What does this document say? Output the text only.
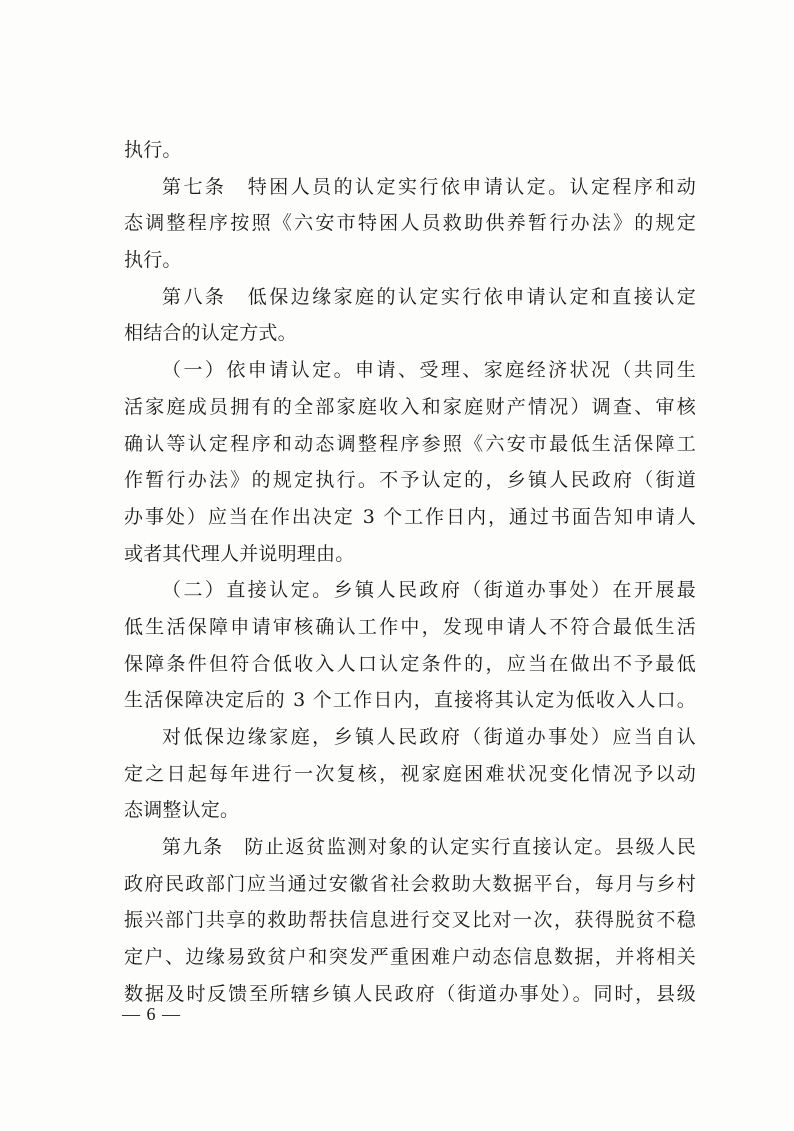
执行。
第七条　特困人员的认定实行依申请认定。认定程序和动
态调整程序按照《六安市特困人员救助供养暂行办法》的规定
执行。
第八条　低保边缘家庭的认定实行依申请认定和直接认定
相结合的认定方式。
（一）依申请认定。申请、受理、家庭经济状况（共同生
活家庭成员拥有的全部家庭收入和家庭财产情况）调查、审核
确认等认定程序和动态调整程序参照《六安市最低生活保障工
作暂行办法》的规定执行。不予认定的，乡镇人民政府（街道
办事处）应当在作出决定 3 个工作日内，通过书面告知申请人
或者其代理人并说明理由。
（二）直接认定。乡镇人民政府（街道办事处）在开展最
低生活保障申请审核确认工作中，发现申请人不符合最低生活
保障条件但符合低收入人口认定条件的，应当在做出不予最低
生活保障决定后的 3 个工作日内，直接将其认定为低收入人口。
对低保边缘家庭，乡镇人民政府（街道办事处）应当自认
定之日起每年进行一次复核，视家庭困难状况变化情况予以动
态调整认定。
第九条　防止返贫监测对象的认定实行直接认定。县级人民
政府民政部门应当通过安徽省社会救助大数据平台，每月与乡村
振兴部门共享的救助帮扶信息进行交叉比对一次，获得脱贫不稳
定户、边缘易致贫户和突发严重困难户动态信息数据，并将相关
数据及时反馈至所辖乡镇人民政府（街道办事处）。同时，县级
— 6 —
